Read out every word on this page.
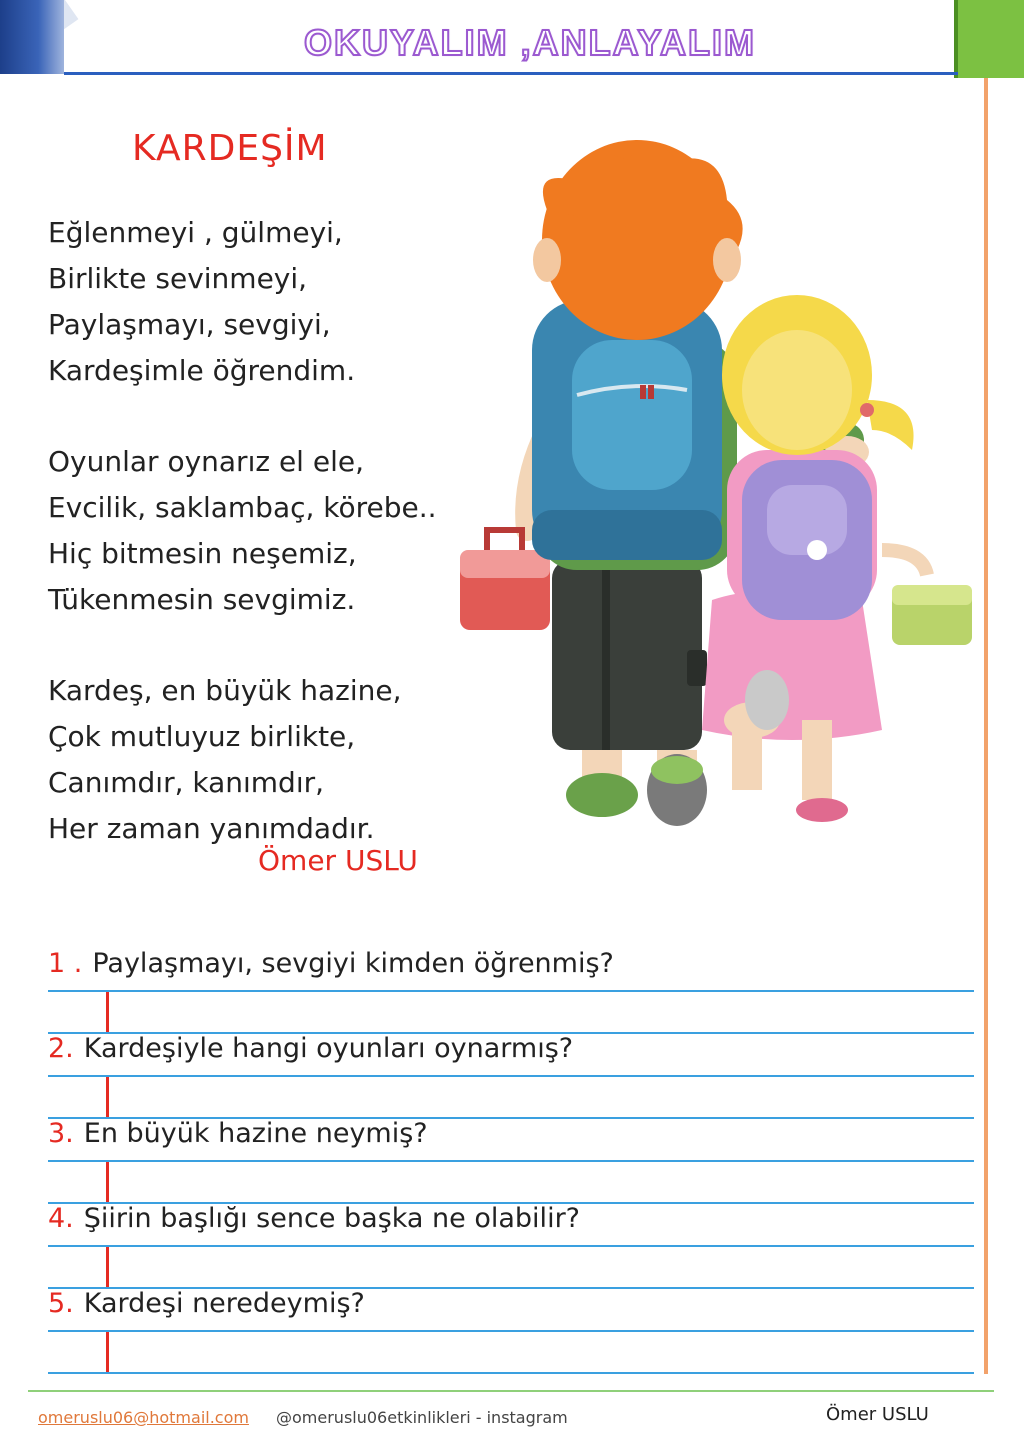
OKUYALIM ,ANLAYALIM
KARDEŞİM
Eğlenmeyi , gülmeyi,
Birlikte sevinmeyi,
Paylaşmayı, sevgiyi,
Kardeşimle öğrendim.
Oyunlar oynarız el ele,
Evcilik, saklambaç, körebe..
Hiç bitmesin neşemiz,
Tükenmesin sevgimiz.
Kardeş, en büyük hazine,
Çok mutluyuz birlikte,
Canımdır, kanımdır,
Her zaman yanımdadır.
Ömer USLU
1 . Paylaşmayı, sevgiyi kimden öğrenmiş?
2. Kardeşiyle hangi oyunları oynarmış?
3. En büyük hazine neymiş?
4. Şiirin başlığı sence başka ne olabilir?
5. Kardeşi neredeymiş?
omeruslu06@hotmail.com @omeruslu06etkinlikleri - instagram	Ömer USLU
